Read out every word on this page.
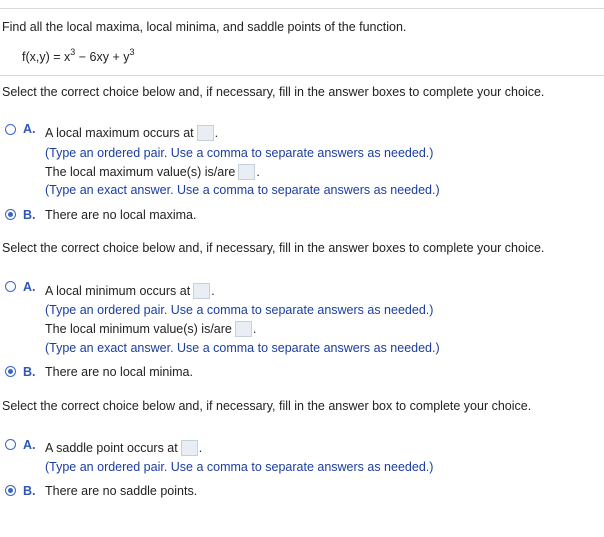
Find all the local maxima, local minima, and saddle points of the function.
$f(x,y) = x^3 - 6xy + y^3$
Select the correct choice below and, if necessary, fill in the answer boxes to complete your choice.
A. A local maximum occurs at .
(Type an ordered pair. Use a comma to separate answers as needed.)
The local maximum value(s) is/are .
(Type an exact answer. Use a comma to separate answers as needed.)
B. There are no local maxima.
Select the correct choice below and, if necessary, fill in the answer boxes to complete your choice.
A. A local minimum occurs at .
(Type an ordered pair. Use a comma to separate answers as needed.)
The local minimum value(s) is/are .
(Type an exact answer. Use a comma to separate answers as needed.)
B. There are no local minima.
Select the correct choice below and, if necessary, fill in the answer box to complete your choice.
A. A saddle point occurs at .
(Type an ordered pair. Use a comma to separate answers as needed.)
B. There are no saddle points.
